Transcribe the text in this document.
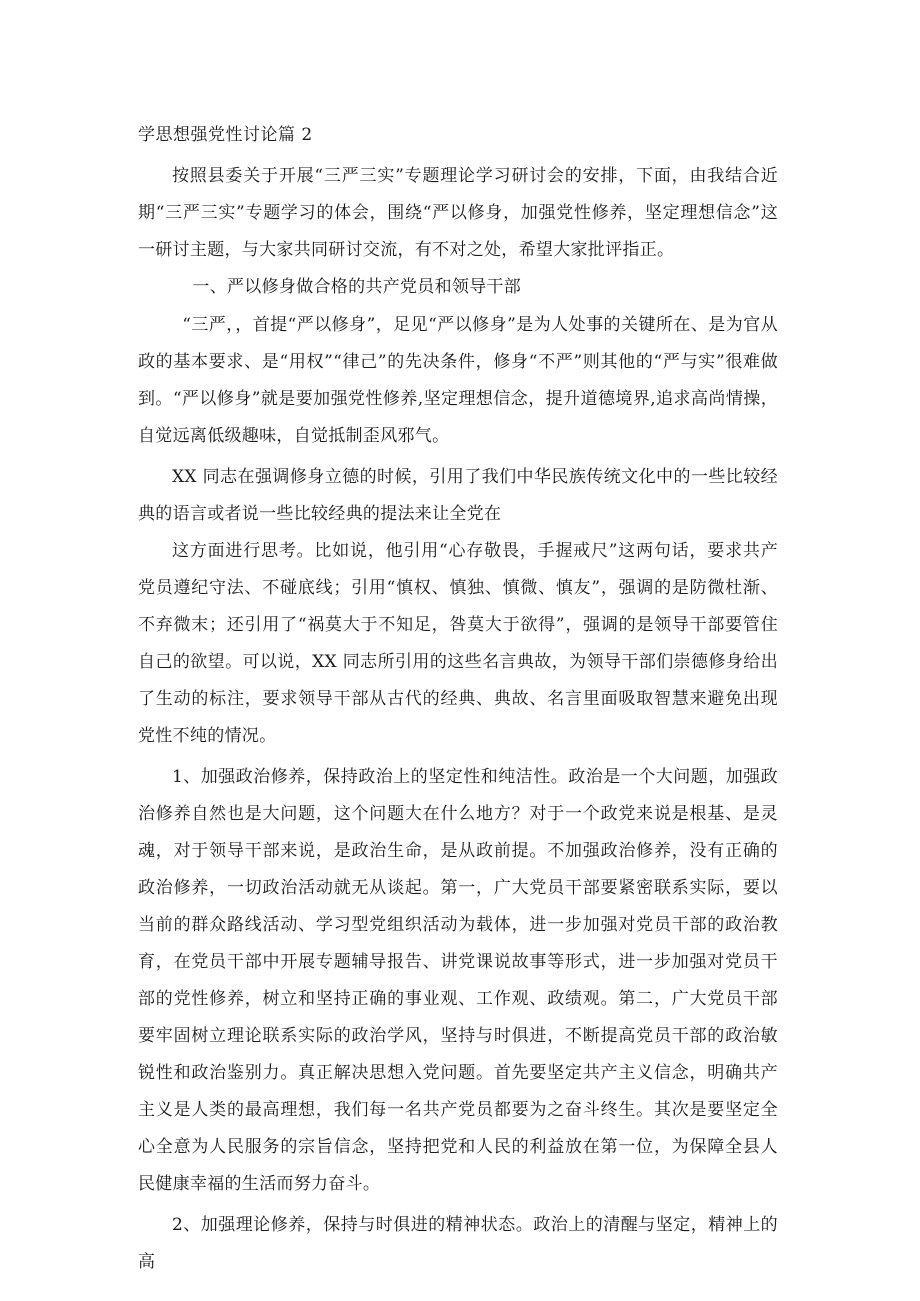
学思想强党性讨论篇 2

按照县委关于开展“三严三实”专题理论学习研讨会的安排，下面，由我结合近期“三严三实”专题学习的体会，围绕“严以修身，加强党性修养，坚定理想信念”这一研讨主题，与大家共同研讨交流，有不对之处，希望大家批评指正。

一、严以修身做合格的共产党员和领导干部

“三严，，首提“严以修身”，足见“严以修身”是为人处事的关键所在、是为官从政的基本要求、是“用权”“律己”的先决条件，修身“不严”则其他的“严与实”很难做到。“严以修身”就是要加强党性修养,坚定理想信念，提升道德境界,追求高尚情操，自觉远离低级趣味，自觉抵制歪风邪气。

XX 同志在强调修身立德的时候，引用了我们中华民族传统文化中的一些比较经典的语言或者说一些比较经典的提法来让全党在

这方面进行思考。比如说，他引用“心存敬畏，手握戒尺”这两句话，要求共产党员遵纪守法、不碰底线；引用“慎权、慎独、慎微、慎友”，强调的是防微杜渐、不弃微末；还引用了“祸莫大于不知足，咎莫大于欲得”，强调的是领导干部要管住自己的欲望。可以说，XX 同志所引用的这些名言典故，为领导干部们崇德修身给出了生动的标注，要求领导干部从古代的经典、典故、名言里面吸取智慧来避免出现党性不纯的情况。

1、加强政治修养，保持政治上的坚定性和纯洁性。政治是一个大问题，加强政治修养自然也是大问题，这个问题大在什么地方？对于一个政党来说是根基、是灵魂，对于领导干部来说，是政治生命，是从政前提。不加强政治修养，没有正确的政治修养，一切政治活动就无从谈起。第一，广大党员干部要紧密联系实际，要以当前的群众路线活动、学习型党组织活动为载体，进一步加强对党员干部的政治教育，在党员干部中开展专题辅导报告、讲党课说故事等形式，进一步加强对党员干部的党性修养，树立和坚持正确的事业观、工作观、政绩观。第二，广大党员干部要牢固树立理论联系实际的政治学风，坚持与时俱进，不断提高党员干部的政治敏锐性和政治鉴别力。真正解决思想入党问题。首先要坚定共产主义信念，明确共产主义是人类的最高理想，我们每一名共产党员都要为之奋斗终生。其次是要坚定全心全意为人民服务的宗旨信念，坚持把党和人民的利益放在第一位，为保障全县人民健康幸福的生活而努力奋斗。

2、加强理论修养，保持与时俱进的精神状态。政治上的清醒与坚定，精神上的高
